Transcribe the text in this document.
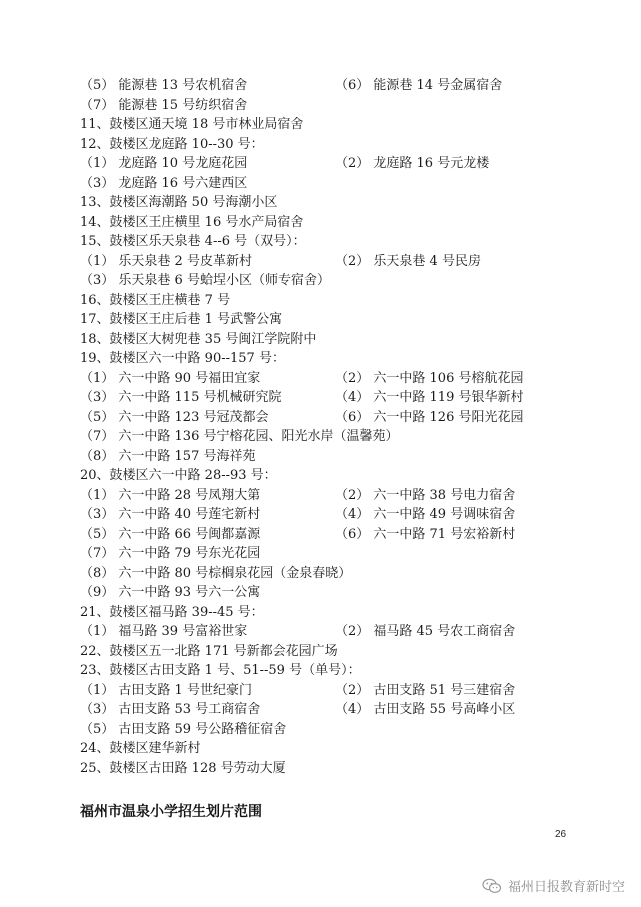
（5） 能源巷 13 号农机宿舍	（6） 能源巷 14 号金属宿舍
（7） 能源巷 15 号纺织宿舍
11、鼓楼区通天境 18 号市林业局宿舍
12、鼓楼区龙庭路 10--30 号：
（1） 龙庭路 10 号龙庭花园	（2） 龙庭路 16 号元龙楼
（3） 龙庭路 16 号六建西区
13、鼓楼区海潮路 50 号海潮小区
14、鼓楼区王庄横里 16 号水产局宿舍
15、鼓楼区乐天泉巷 4--6 号（双号）：
（1） 乐天泉巷 2 号皮革新村	（2） 乐天泉巷 4 号民房
（3） 乐天泉巷 6 号蛤埕小区（师专宿舍）
16、鼓楼区王庄横巷 7 号
17、鼓楼区王庄后巷 1 号武警公寓
18、鼓楼区大树兜巷 35 号闽江学院附中
19、鼓楼区六一中路 90--157 号：
（1） 六一中路 90 号福田宜家	（2） 六一中路 106 号榕航花园
（3） 六一中路 115 号机械研究院	（4） 六一中路 119 号银华新村
（5） 六一中路 123 号冠茂都会	（6） 六一中路 126 号阳光花园
（7） 六一中路 136 号宁榕花园、阳光水岸（温馨苑）
（8） 六一中路 157 号海祥苑
20、鼓楼区六一中路 28--93 号：
（1） 六一中路 28 号凤翔大第	（2） 六一中路 38 号电力宿舍
（3） 六一中路 40 号莲宅新村	（4） 六一中路 49 号调味宿舍
（5） 六一中路 66 号闽都嘉源	（6） 六一中路 71 号宏裕新村
（7） 六一中路 79 号东光花园
（8） 六一中路 80 号棕榈泉花园（金泉春晓）
（9） 六一中路 93 号六一公寓
21、鼓楼区福马路 39--45 号：
（1） 福马路 39 号富裕世家	（2） 福马路 45 号农工商宿舍
22、鼓楼区五一北路 171 号新都会花园广场
23、鼓楼区古田支路 1 号、51--59 号（单号）：
（1） 古田支路 1 号世纪豪门	（2） 古田支路 51 号三建宿舍
（3） 古田支路 53 号工商宿舍	（4） 古田支路 55 号高峰小区
（5） 古田支路 59 号公路稽征宿舍
24、鼓楼区建华新村
25、鼓楼区古田路 128 号劳动大厦
福州市温泉小学招生划片范围
26
福州日报教育新时空
